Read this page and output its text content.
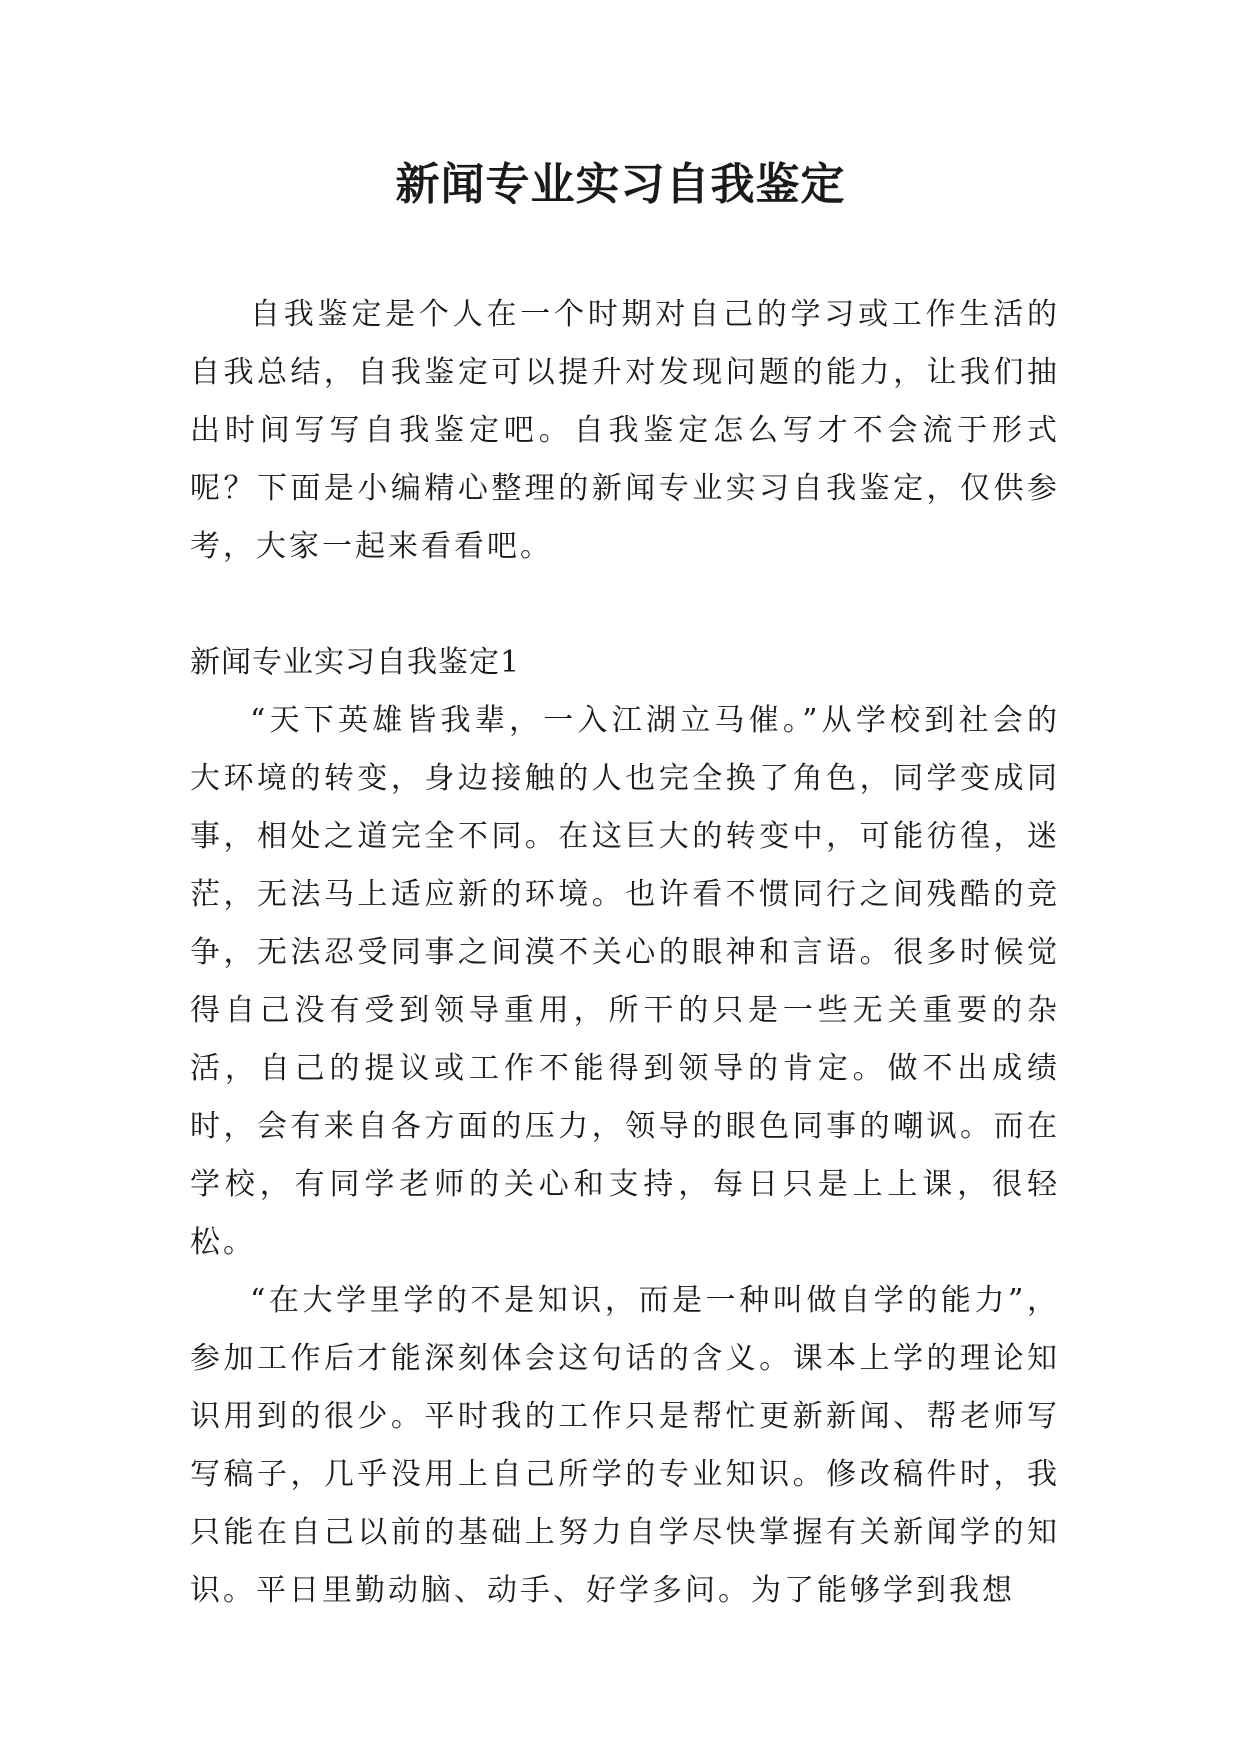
新闻专业实习自我鉴定

自我鉴定是个人在一个时期对自己的学习或工作生活的自我总结，自我鉴定可以提升对发现问题的能力，让我们抽出时间写写自我鉴定吧。自我鉴定怎么写才不会流于形式呢？下面是小编精心整理的新闻专业实习自我鉴定，仅供参考，大家一起来看看吧。

新闻专业实习自我鉴定1

“天下英雄皆我辈，一入江湖立马催。”从学校到社会的大环境的转变，身边接触的人也完全换了角色，同学变成同事，相处之道完全不同。在这巨大的转变中，可能彷徨，迷茫，无法马上适应新的环境。也许看不惯同行之间残酷的竞争，无法忍受同事之间漠不关心的眼神和言语。很多时候觉得自己没有受到领导重用，所干的只是一些无关重要的杂活，自己的提议或工作不能得到领导的肯定。做不出成绩时，会有来自各方面的压力，领导的眼色同事的嘲讽。而在学校，有同学老师的关心和支持，每日只是上上课，很轻松。

“在大学里学的不是知识，而是一种叫做自学的能力”，参加工作后才能深刻体会这句话的含义。课本上学的理论知识用到的很少。平时我的工作只是帮忙更新新闻、帮老师写写稿子，几乎没用上自己所学的专业知识。修改稿件时，我只能在自己以前的基础上努力自学尽快掌握有关新闻学的知识。平日里勤动脑、动手、好学多问。为了能够学到我想
